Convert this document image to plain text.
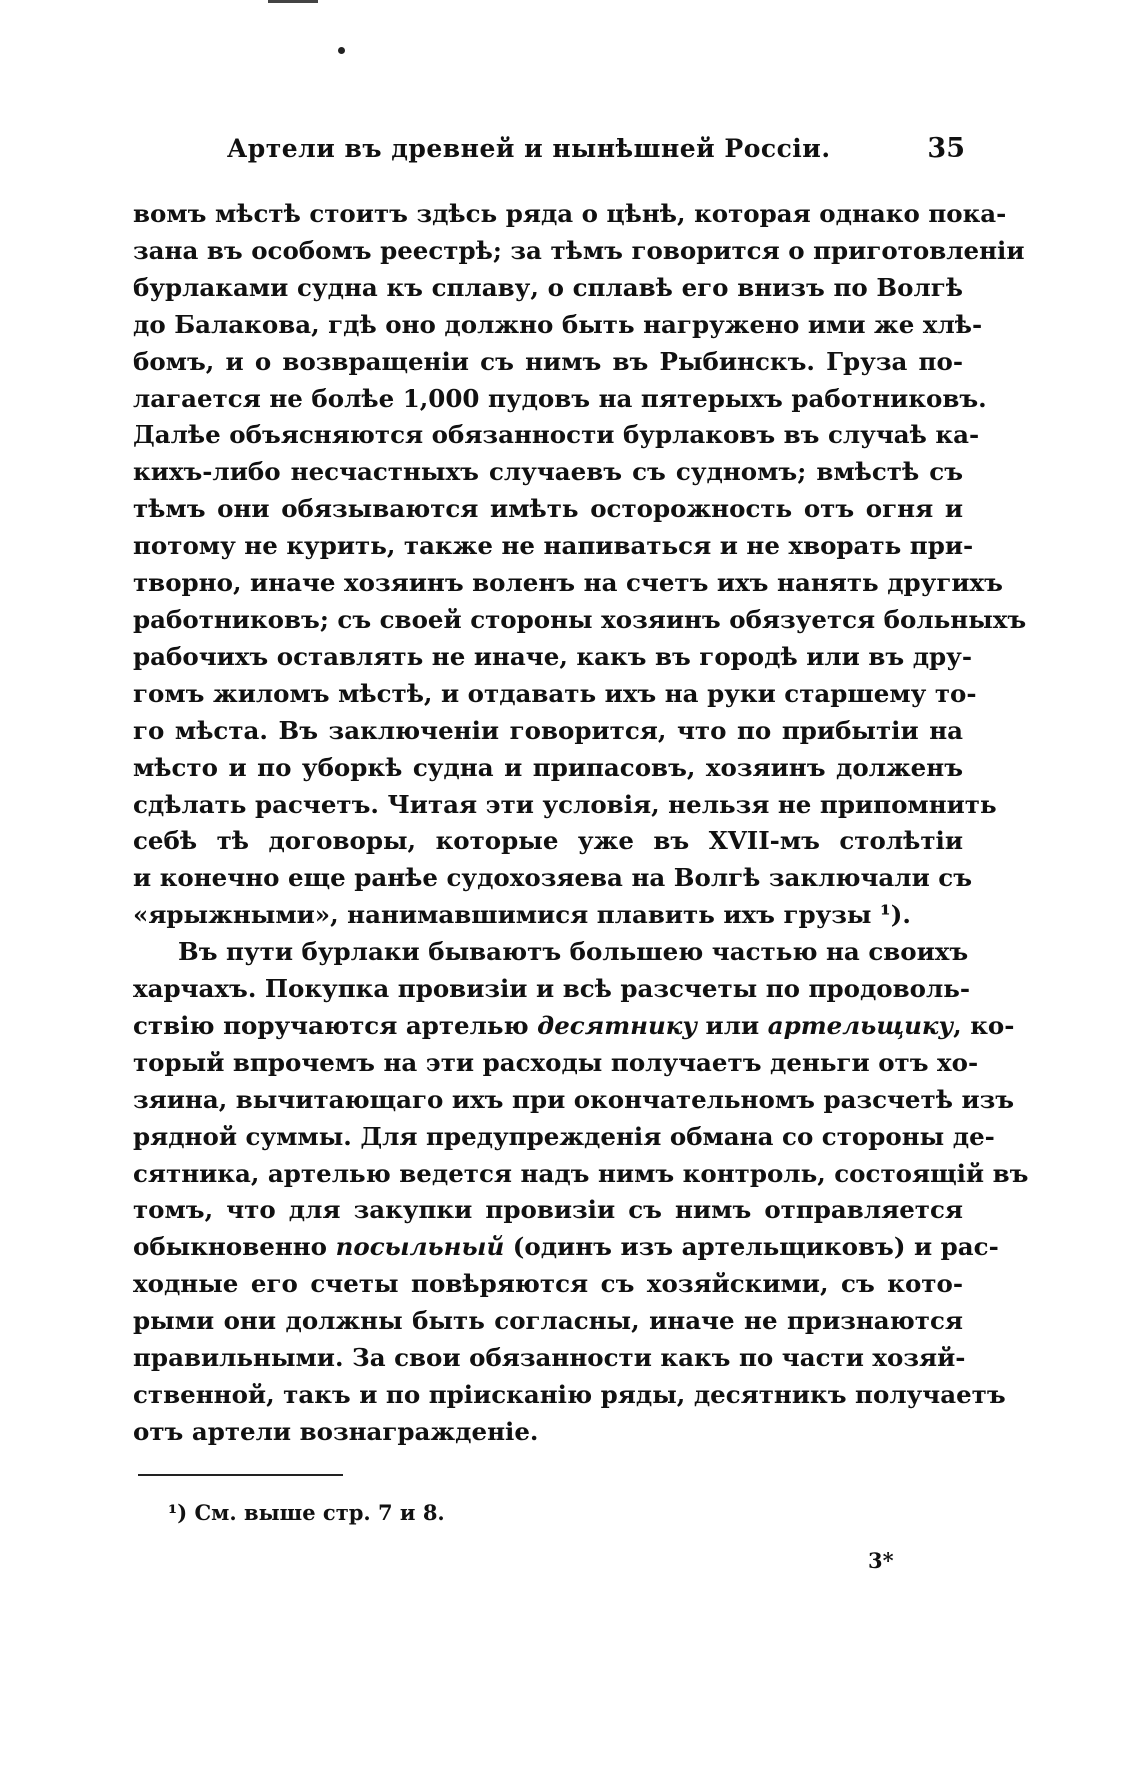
Артели въ древней и нынѣшней Россіи.	35
вомъ мѣстѣ стоитъ здѣсь ряда о цѣнѣ, которая однако пока-
зана въ особомъ реестрѣ; за тѣмъ говорится о приготовленіи
бурлаками судна къ сплаву, о сплавѣ его внизъ по Волгѣ
до Балакова, гдѣ оно должно быть нагружено ими же хлѣ-
бомъ, и о возвращеніи съ нимъ въ Рыбинскъ. Груза по-
лагается не болѣе 1,000 пудовъ на пятерыхъ работниковъ.
Далѣе объясняются обязанности бурлаковъ въ случаѣ ка-
кихъ-либо несчастныхъ случаевъ съ судномъ; вмѣстѣ съ
тѣмъ они обязываются имѣть осторожность отъ огня и
потому не курить, также не напиваться и не хворать при-
творно, иначе хозяинъ воленъ на счетъ ихъ нанять другихъ
работниковъ; съ своей стороны хозяинъ обязуется больныхъ
рабочихъ оставлять не иначе, какъ въ городѣ или въ дру-
гомъ жиломъ мѣстѣ, и отдавать ихъ на руки старшему то-
го мѣста. Въ заключеніи говорится, что по прибытіи на
мѣсто и по уборкѣ судна и припасовъ, хозяинъ долженъ
сдѣлать расчетъ. Читая эти условія, нельзя не припомнить
себѣ тѣ договоры, которые уже въ XVII-мъ столѣтіи
и конечно еще ранѣе судохозяева на Волгѣ заключали съ
«ярыжными», нанимавшимися плавить ихъ грузы ¹).
Въ пути бурлаки бываютъ большею частью на своихъ
харчахъ. Покупка провизіи и всѣ разсчеты по продоволь-
ствію поручаются артелью десятнику или артельщику, ко-
торый впрочемъ на эти расходы получаетъ деньги отъ хо-
зяина, вычитающаго ихъ при окончательномъ разсчетѣ изъ
рядной суммы. Для предупрежденія обмана со стороны де-
сятника, артелью ведется надъ нимъ контроль, состоящій въ
томъ, что для закупки провизіи съ нимъ отправляется
обыкновенно посыльный (одинъ изъ артельщиковъ) и рас-
ходные его счеты повѣряются съ хозяйскими, съ кото-
рыми они должны быть согласны, иначе не признаются
правильными. За свои обязанности какъ по части хозяй-
ственной, такъ и по пріисканію ряды, десятникъ получаетъ
отъ артели вознагражденіе.
¹) См. выше стр. 7 и 8.
3*
